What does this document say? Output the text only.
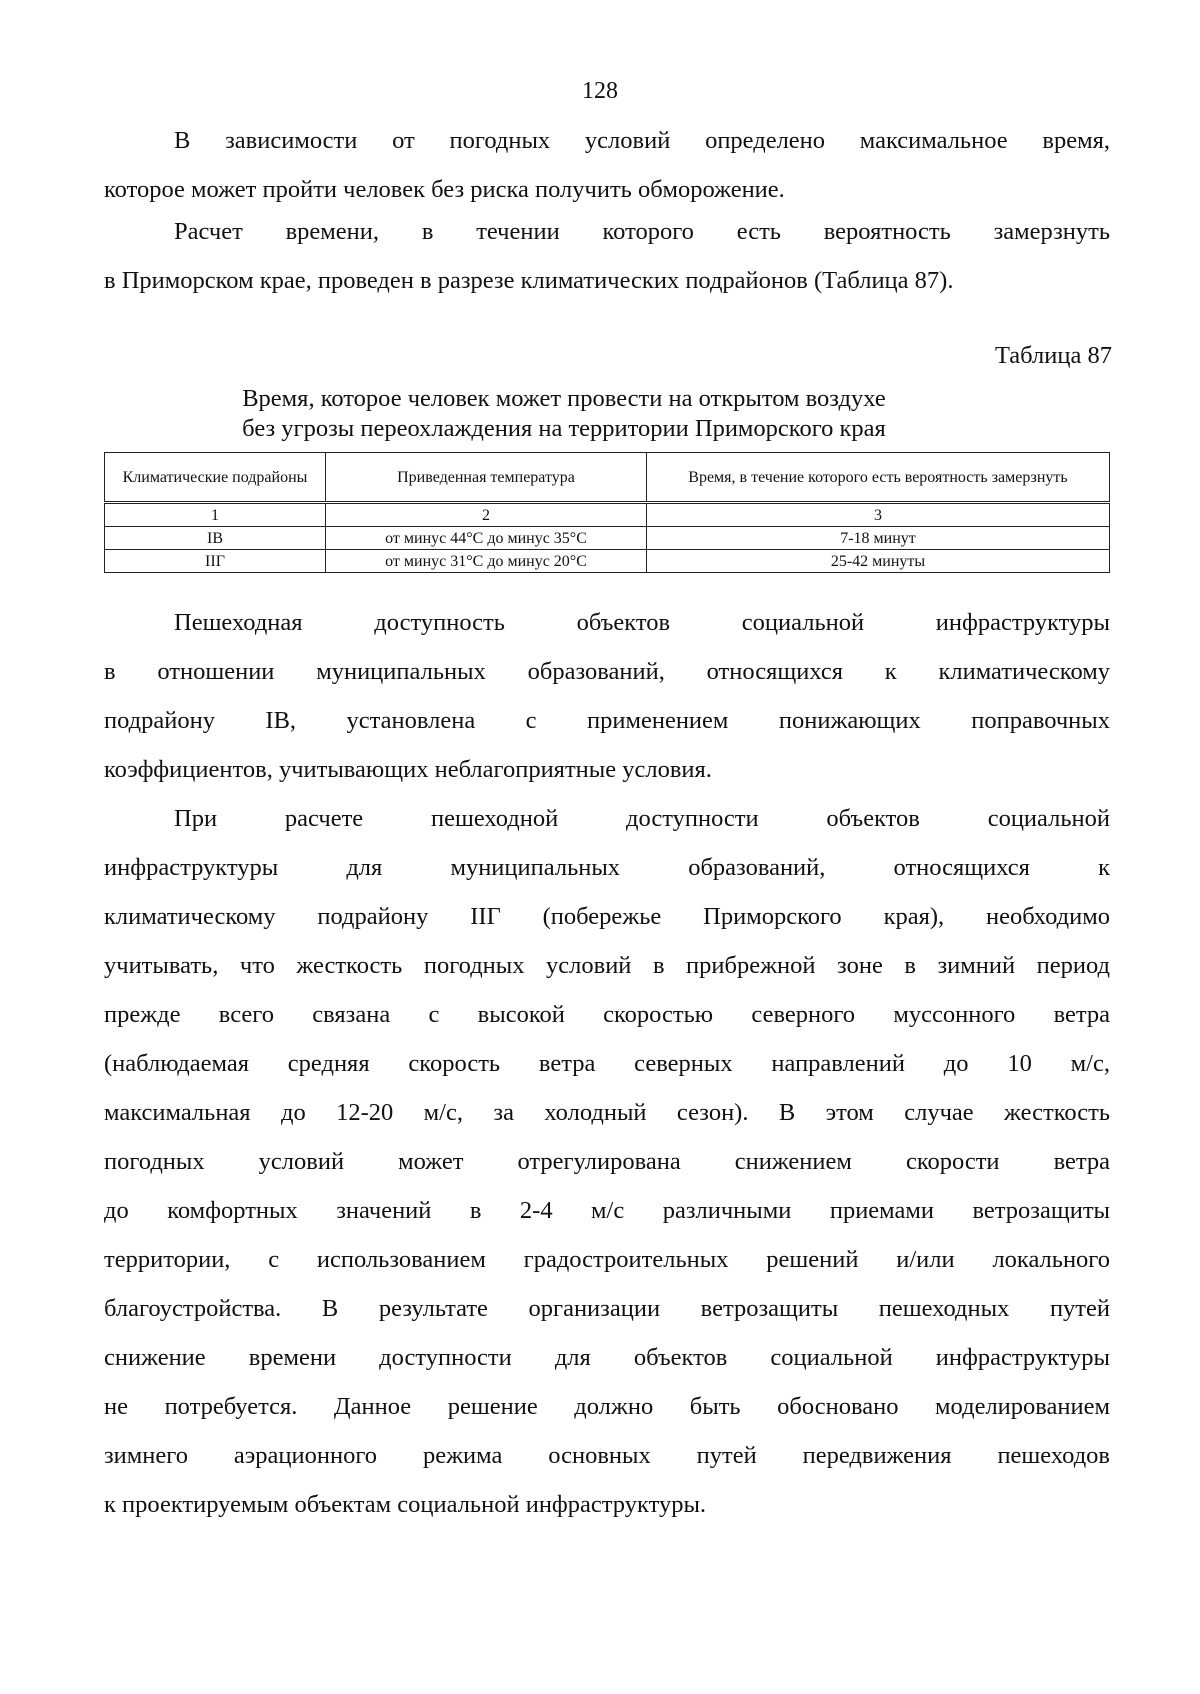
128
В зависимости от погодных условий определено максимальное время,
которое может пройти человек без риска получить обморожение.
Расчет времени, в течении которого есть вероятность замерзнуть
в Приморском крае, проведен в разрезе климатических подрайонов (Таблица 87).
Таблица 87
Время, которое человек может провести на открытом воздухе
без угрозы переохлаждения на территории Приморского края
Климатические подрайоны	Приведенная температура	Время, в течение которого есть вероятность замерзнуть
1	2	3
IВ	от минус 44°С до минус 35°С	7-18 минут
IIГ	от минус 31°С до минус 20°С	25-42 минуты
Пешеходная доступность объектов социальной инфраструктуры
в отношении муниципальных образований, относящихся к климатическому
подрайону IВ, установлена с применением понижающих поправочных
коэффициентов, учитывающих неблагоприятные условия.
При расчете пешеходной доступности объектов социальной
инфраструктуры для муниципальных образований, относящихся к
климатическому подрайону IIГ (побережье Приморского края), необходимо
учитывать, что жесткость погодных условий в прибрежной зоне в зимний период
прежде всего связана с высокой скоростью северного муссонного ветра
(наблюдаемая средняя скорость ветра северных направлений до 10 м/с,
максимальная до 12-20 м/с, за холодный сезон). В этом случае жесткость
погодных условий может отрегулирована снижением скорости ветра
до комфортных значений в 2-4 м/с различными приемами ветрозащиты
территории, с использованием градостроительных решений и/или локального
благоустройства. В результате организации ветрозащиты пешеходных путей
снижение времени доступности для объектов социальной инфраструктуры
не потребуется. Данное решение должно быть обосновано моделированием
зимнего аэрационного режима основных путей передвижения пешеходов
к проектируемым объектам социальной инфраструктуры.
